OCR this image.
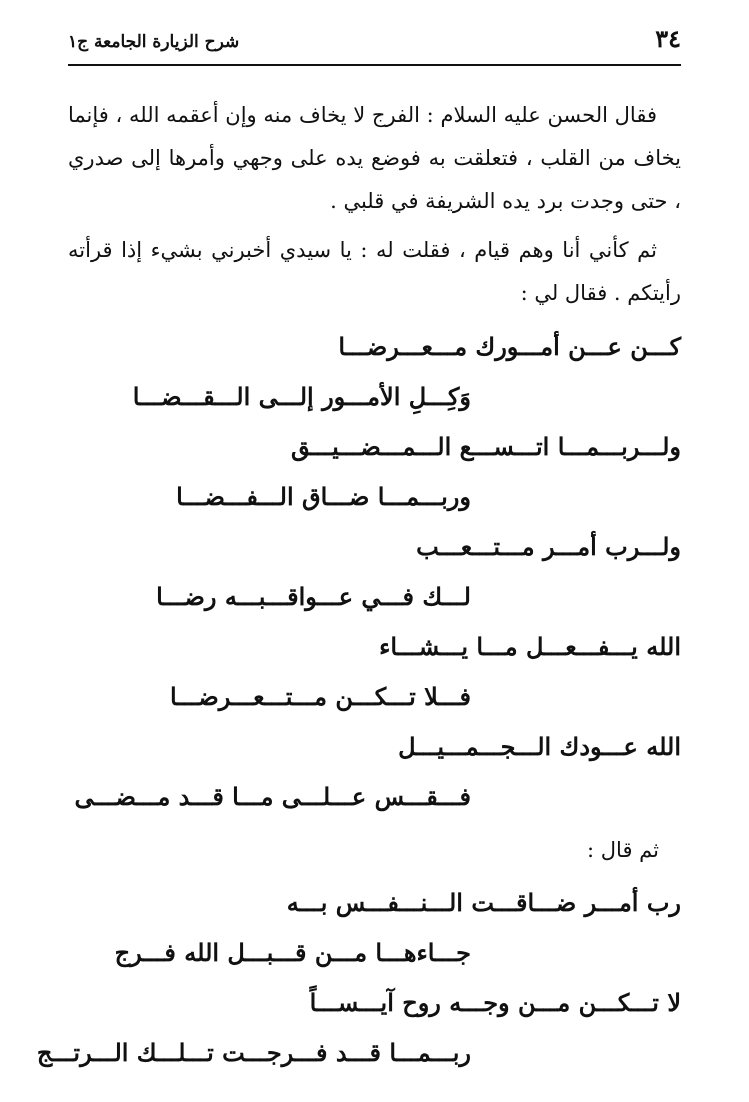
٣٤
شرح الزيارة الجامعة ج١

فقال الحسن عليه السلام : الفرج لا يخاف منه وإن أعقمه الله ، فإنما يخاف من القلب ، فتعلقت به فوضع يده على وجهي وأمرها إلى صدري ، حتى وجدت برد يده الشريفة في قلبي .

ثم كأني أنا وهم قيام ، فقلت له : يا سيدي أخبرني بشيء إذا قرأته رأيتكم . فقال لي :

كـــن عـــن أمـــورك مـــعـــرضـــا
وَكِـــلِ الأمـــور إلـــى الـــقـــضـــا
ولـــربـــمـــا اتـــســـع الـــمـــضـــيـــق
وربـــمـــا ضـــاق الـــفـــضـــا
ولـــرب أمـــر مـــتـــعـــب
لـــك فـــي عـــواقـــبـــه رضـــا
الله يـــفـــعـــل مـــا يـــشـــاء
فـــلا تـــكـــن مـــتـــعـــرضـــا
الله عـــودك الـــجـــمـــيـــل
فـــقـــس عـــلـــى مـــا قـــد مـــضـــى
ثم قال :
رب أمـــر ضـــاقـــت الـــنـــفـــس بـــه
جـــاءهـــا مـــن قـــبـــل الله فـــرج
لا تـــكـــن مـــن وجـــه روح آيـــســـاً
ربـــمـــا قـــد فـــرجـــت تـــلـــك الـــرتـــج
